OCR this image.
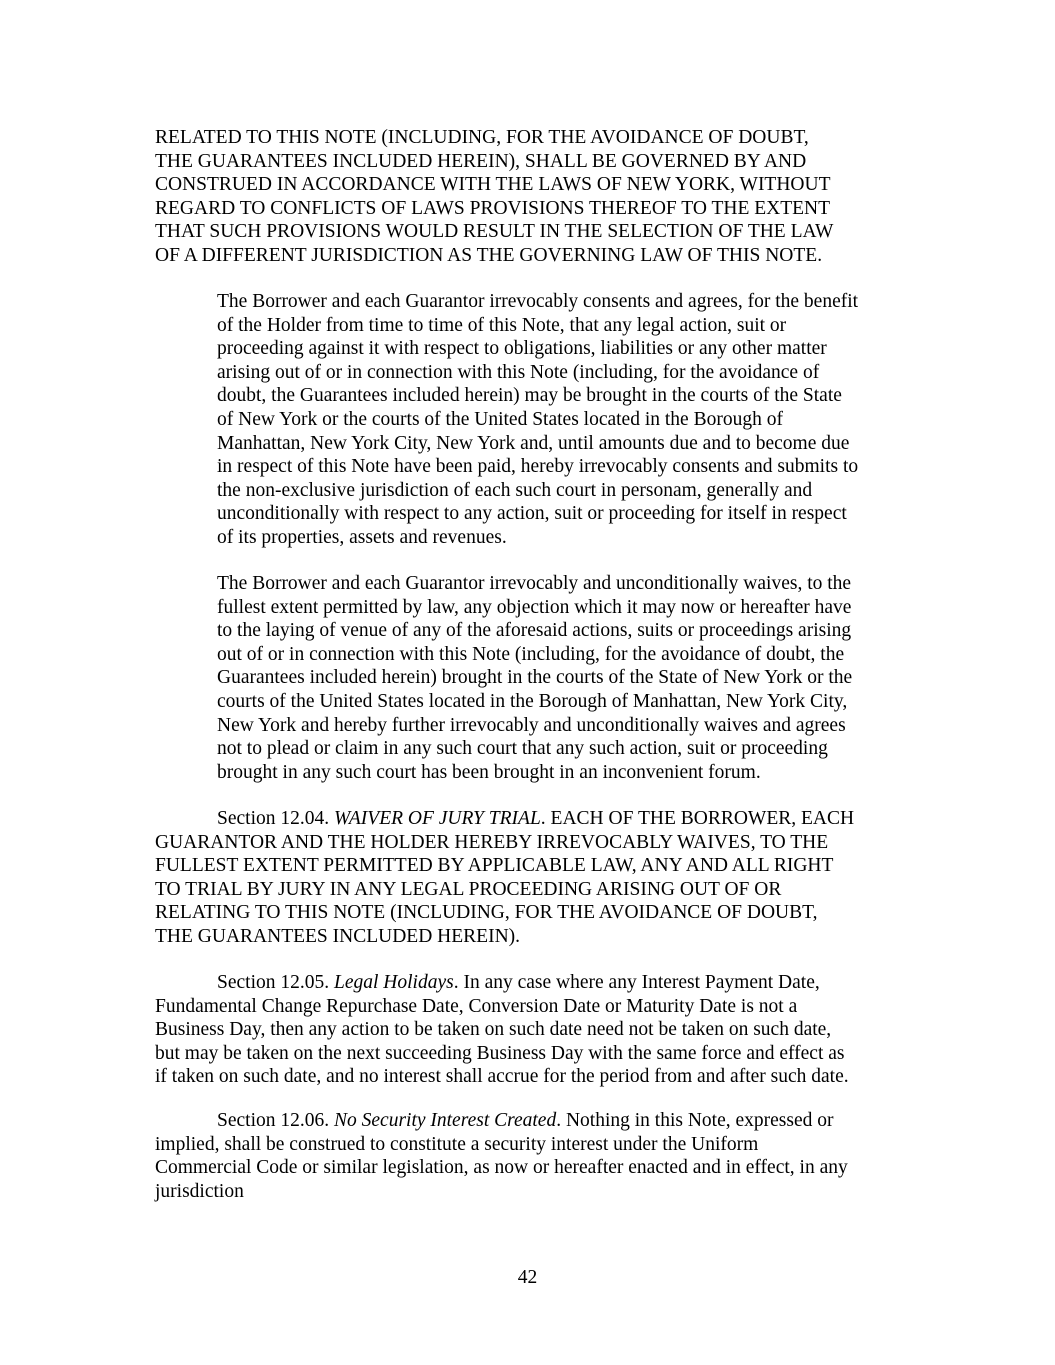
RELATED TO THIS NOTE (INCLUDING, FOR THE AVOIDANCE OF DOUBT,
THE GUARANTEES INCLUDED HEREIN), SHALL BE GOVERNED BY AND
CONSTRUED IN ACCORDANCE WITH THE LAWS OF NEW YORK, WITHOUT
REGARD TO CONFLICTS OF LAWS PROVISIONS THEREOF TO THE EXTENT
THAT SUCH PROVISIONS WOULD RESULT IN THE SELECTION OF THE LAW
OF A DIFFERENT JURISDICTION AS THE GOVERNING LAW OF THIS NOTE.

The Borrower and each Guarantor irrevocably consents and agrees, for the benefit
of the Holder from time to time of this Note, that any legal action, suit or
proceeding against it with respect to obligations, liabilities or any other matter
arising out of or in connection with this Note (including, for the avoidance of
doubt, the Guarantees included herein) may be brought in the courts of the State
of New York or the courts of the United States located in the Borough of
Manhattan, New York City, New York and, until amounts due and to become due
in respect of this Note have been paid, hereby irrevocably consents and submits to
the non-exclusive jurisdiction of each such court in personam, generally and
unconditionally with respect to any action, suit or proceeding for itself in respect
of its properties, assets and revenues.

The Borrower and each Guarantor irrevocably and unconditionally waives, to the
fullest extent permitted by law, any objection which it may now or hereafter have
to the laying of venue of any of the aforesaid actions, suits or proceedings arising
out of or in connection with this Note (including, for the avoidance of doubt, the
Guarantees included herein) brought in the courts of the State of New York or the
courts of the United States located in the Borough of Manhattan, New York City,
New York and hereby further irrevocably and unconditionally waives and agrees
not to plead or claim in any such court that any such action, suit or proceeding
brought in any such court has been brought in an inconvenient forum.

Section 12.04. WAIVER OF JURY TRIAL. EACH OF THE BORROWER, EACH
GUARANTOR AND THE HOLDER HEREBY IRREVOCABLY WAIVES, TO THE
FULLEST EXTENT PERMITTED BY APPLICABLE LAW, ANY AND ALL RIGHT
TO TRIAL BY JURY IN ANY LEGAL PROCEEDING ARISING OUT OF OR
RELATING TO THIS NOTE (INCLUDING, FOR THE AVOIDANCE OF DOUBT,
THE GUARANTEES INCLUDED HEREIN).

Section 12.05. Legal Holidays. In any case where any Interest Payment Date,
Fundamental Change Repurchase Date, Conversion Date or Maturity Date is not a
Business Day, then any action to be taken on such date need not be taken on such date,
but may be taken on the next succeeding Business Day with the same force and effect as
if taken on such date, and no interest shall accrue for the period from and after such date.

Section 12.06. No Security Interest Created. Nothing in this Note, expressed or
implied, shall be construed to constitute a security interest under the Uniform
Commercial Code or similar legislation, as now or hereafter enacted and in effect, in any
jurisdiction

42
